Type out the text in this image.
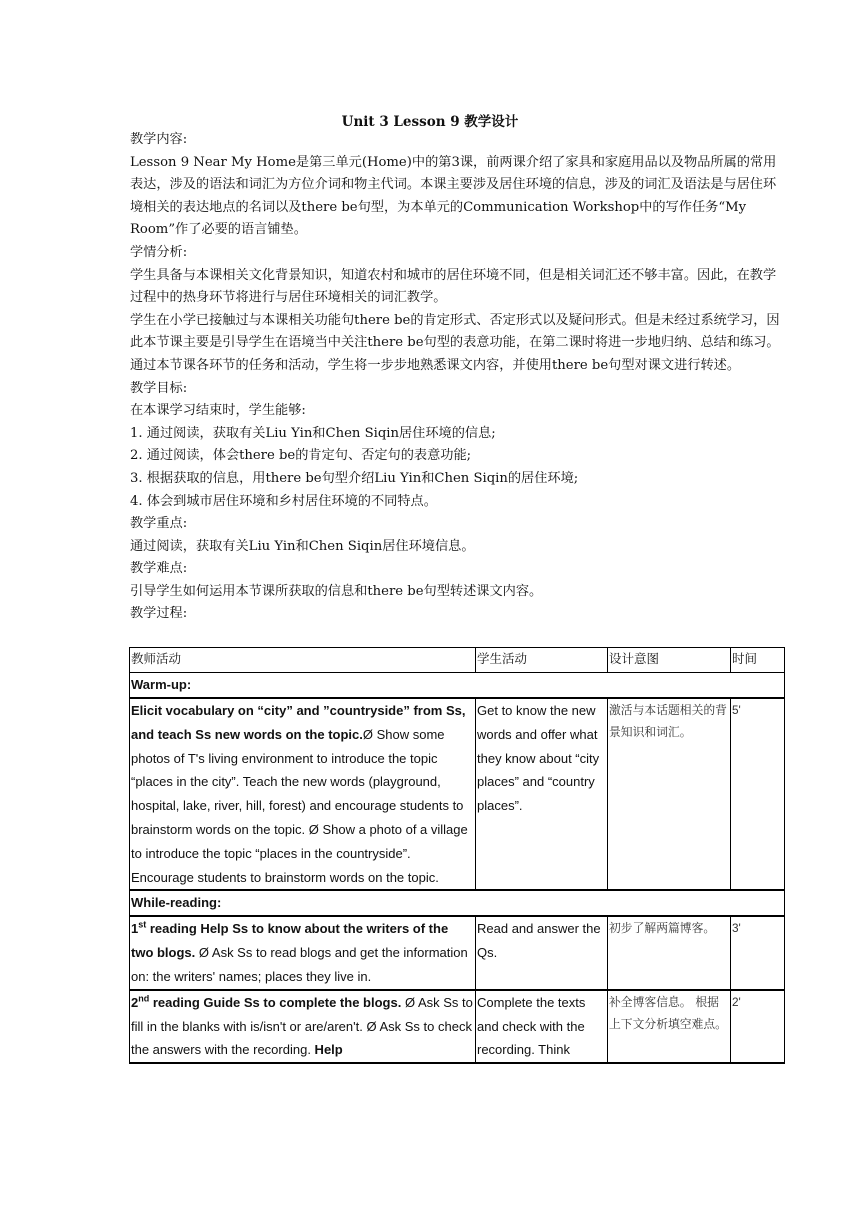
Unit 3 Lesson 9 教学设计

教学内容:

Lesson 9 Near My Home是第三单元(Home)中的第3课，前两课介绍了家具和家庭用品以及物品所属的常用表达，涉及的语法和词汇为方位介词和物主代词。本课主要涉及居住环境的信息，涉及的词汇及语法是与居住环境相关的表达地点的名词以及there be句型，为本单元的Communication Workshop中的写作任务“My Room”作了必要的语言铺垫。

学情分析:

学生具备与本课相关文化背景知识，知道农村和城市的居住环境不同，但是相关词汇还不够丰富。因此，在教学过程中的热身环节将进行与居住环境相关的词汇教学。

学生在小学已接触过与本课相关功能句there be的肯定形式、否定形式以及疑问形式。但是未经过系统学习，因此本节课主要是引导学生在语境当中关注there be句型的表意功能，在第二课时将进一步地归纳、总结和练习。通过本节课各环节的任务和活动，学生将一步步地熟悉课文内容，并使用there be句型对课文进行转述。

教学目标:

在本课学习结束时，学生能够:

1. 通过阅读，获取有关Liu Yin和Chen Siqin居住环境的信息;

2. 通过阅读，体会there be的肯定句、否定句的表意功能;

3. 根据获取的信息，用there be句型介绍Liu Yin和Chen Siqin的居住环境;

4. 体会到城市居住环境和乡村居住环境的不同特点。

教学重点:

通过阅读，获取有关Liu Yin和Chen Siqin居住环境信息。

教学难点:

引导学生如何运用本节课所获取的信息和there be句型转述课文内容。

教学过程:

教师活动	学生活动	设计意图	时间
Warm-up:			
Elicit vocabulary on “city” and ”countryside” from Ss, and teach Ss new words on the topic.Ø Show some photos of T's living environment to introduce the topic “places in the city”. Teach the new words (playground, hospital, lake, river, hill, forest) and encourage students to brainstorm words on the topic. Ø Show a photo of a village to introduce the topic “places in the countryside”. Encourage students to brainstorm words on the topic.	Get to know the new words and offer what they know about “city places” and “country places”.	激活与本话题相关的背景知识和词汇。	5'
While-reading:			
1st reading Help Ss to know about the writers of the two blogs. Ø Ask Ss to read blogs and get the information on: the writers' names; places they live in.	Read and answer the Qs.	初步了解两篇博客。	3'
2nd reading Guide Ss to complete the blogs. Ø Ask Ss to fill in the blanks with is/isn't or are/aren't. Ø Ask Ss to check the answers with the recording. Help	Complete the texts and check with the recording. Think	补全博客信息。 根据上下文分析填空难点。	2'
